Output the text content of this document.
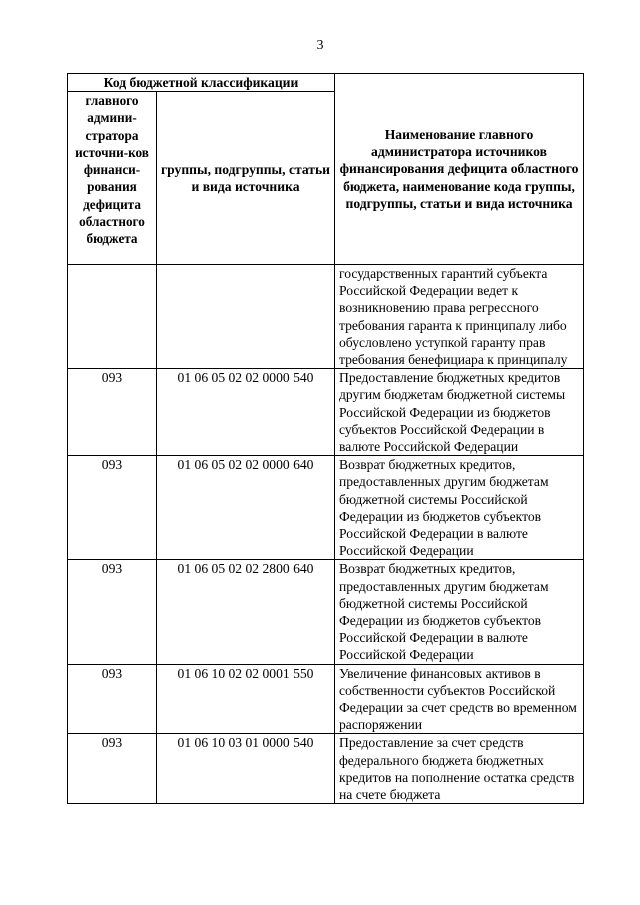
3
Код бюджетной классификации		Наименование главного администратора источников финансирования дефицита областного бюджета, наименование кода группы, подгруппы, статьи и вида источника
главного админи-стратора источни-ков финанси-рования дефицита областного бюджета	группы, подгруппы, статьи и вида источника	
		государственных гарантий субъекта Российской Федерации ведет к возникновению права регрессного требования гаранта к принципалу либо обусловлено уступкой гаранту прав требования бенефициара к принципалу
093	01 06 05 02 02 0000 540	Предоставление бюджетных кредитов другим бюджетам бюджетной системы Российской Федерации из бюджетов субъектов Российской Федерации в валюте Российской Федерации
093	01 06 05 02 02 0000 640	Возврат бюджетных кредитов, предоставленных другим бюджетам бюджетной системы Российской Федерации из бюджетов субъектов Российской Федерации в валюте Российской Федерации
093	01 06 05 02 02 2800 640	Возврат бюджетных кредитов, предоставленных другим бюджетам бюджетной системы Российской Федерации из бюджетов субъектов Российской Федерации в валюте Российской Федерации
093	01 06 10 02 02 0001 550	Увеличение финансовых активов в собственности субъектов Российской Федерации за счет средств во временном распоряжении
093	01 06 10 03 01 0000 540	Предоставление за счет средств федерального бюджета бюджетных кредитов на пополнение остатка средств на счете бюджета
